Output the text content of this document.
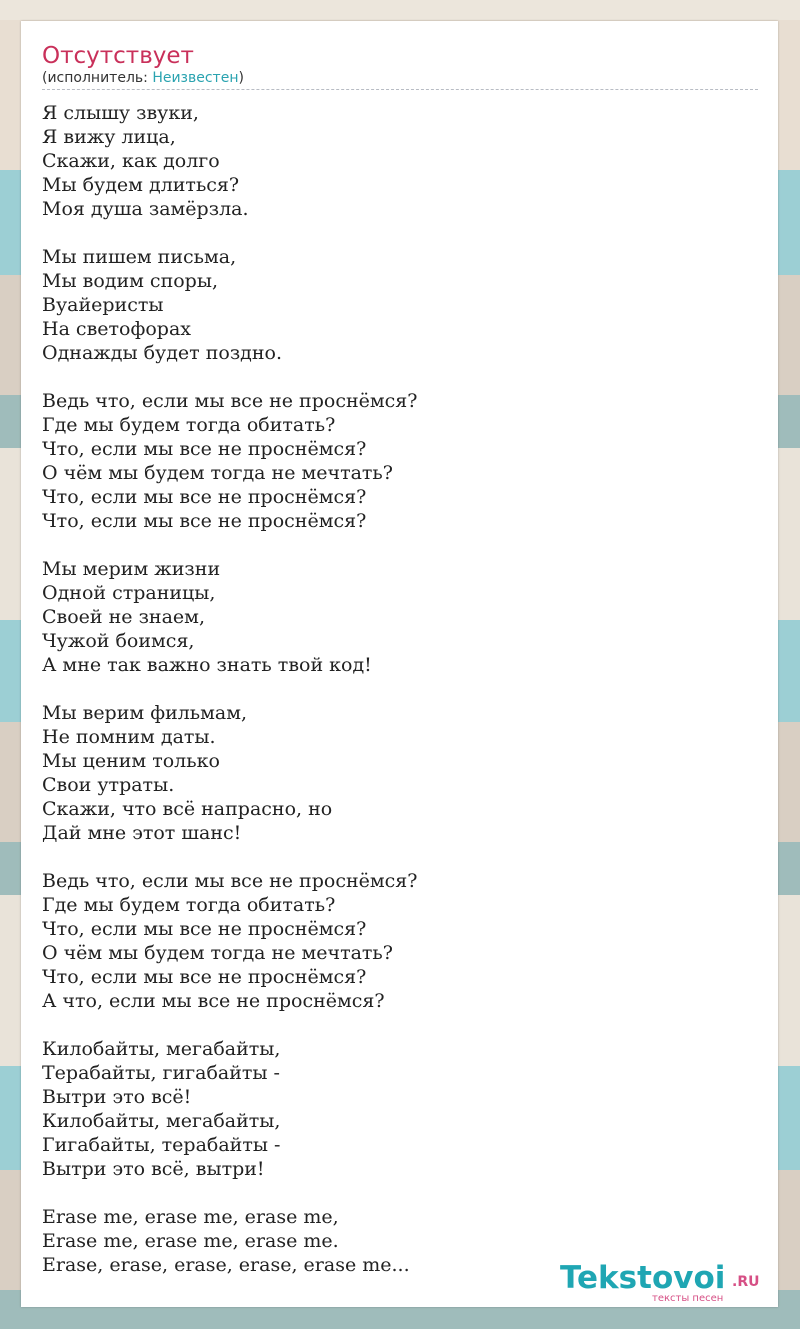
Отсутствует
(исполнитель: Неизвестен)
Я слышу звуки,
Я вижу лица,
Скажи, как долго
Мы будем длиться?
Моя душа замёрзла.
Мы пишем письма,
Мы водим споры,
Вуайеристы
На светофорах
Однажды будет поздно.
Ведь что, если мы все не проснёмся?
Где мы будем тогда обитать?
Что, если мы все не проснёмся?
О чём мы будем тогда не мечтать?
Что, если мы все не проснёмся?
Что, если мы все не проснёмся?
Мы мерим жизни
Одной страницы,
Своей не знаем,
Чужой боимся,
А мне так важно знать твой код!
Мы верим фильмам,
Не помним даты.
Мы ценим только
Свои утраты.
Скажи, что всё напрасно, но
Дай мне этот шанс!
Ведь что, если мы все не проснёмся?
Где мы будем тогда обитать?
Что, если мы все не проснёмся?
О чём мы будем тогда не мечтать?
Что, если мы все не проснёмся?
А что, если мы все не проснёмся?
Килобайты, мегабайты,
Терабайты, гигабайты -
Вытри это всё!
Килобайты, мегабайты,
Гигабайты, терабайты -
Вытри это всё, вытри!
Erase me, erase me, erase me,
Erase me, erase me, erase me.
Erase, erase, erase, erase, erase me...	Tekstovoi .RU
тексты песен
